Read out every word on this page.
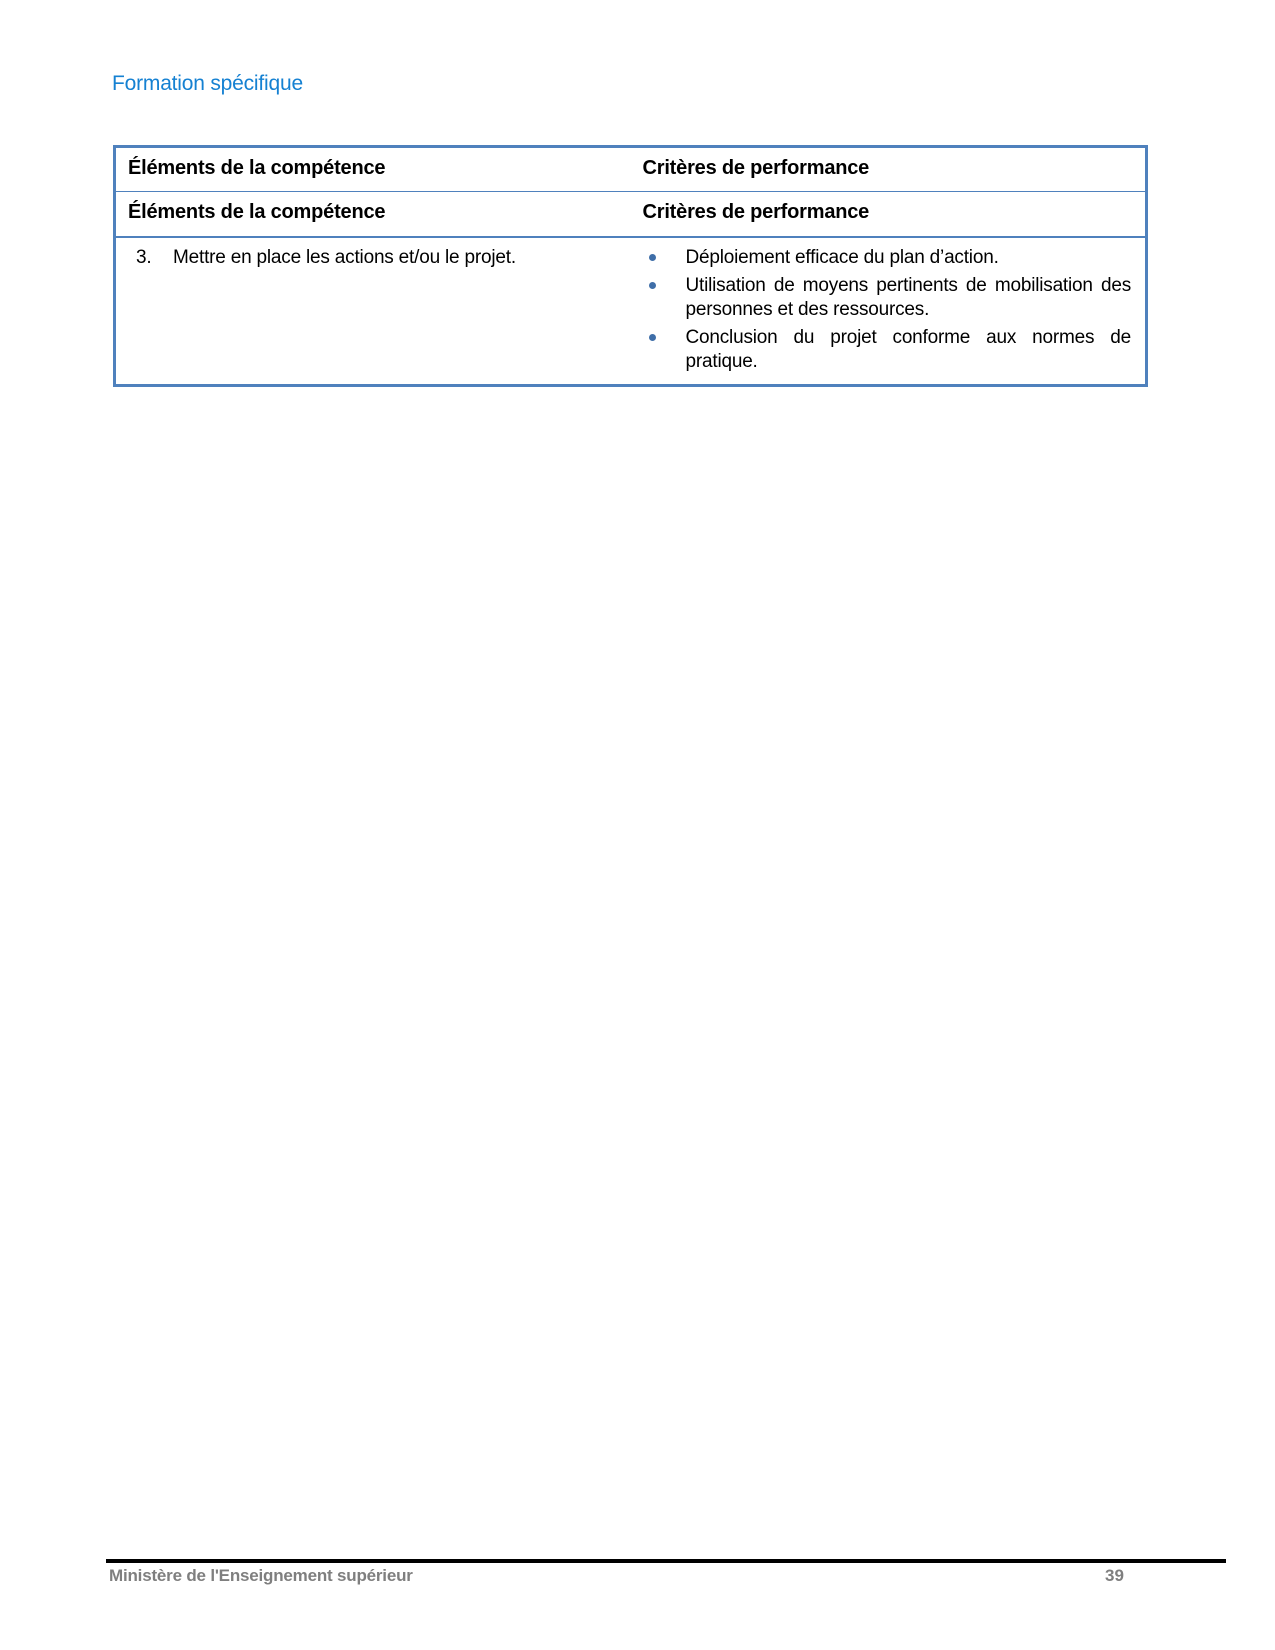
Formation spécifique
Éléments de la compétence	Critères de performance
Éléments de la compétence	Critères de performance

3.	Mettre en place les actions et/ou le projet.	Déploiement efficace du plan d’action.
Utilisation de moyens pertinents de mobilisation des personnes et des ressources.
Conclusion du projet conforme aux normes de pratique.
Ministère de l'Enseignement supérieur	39
